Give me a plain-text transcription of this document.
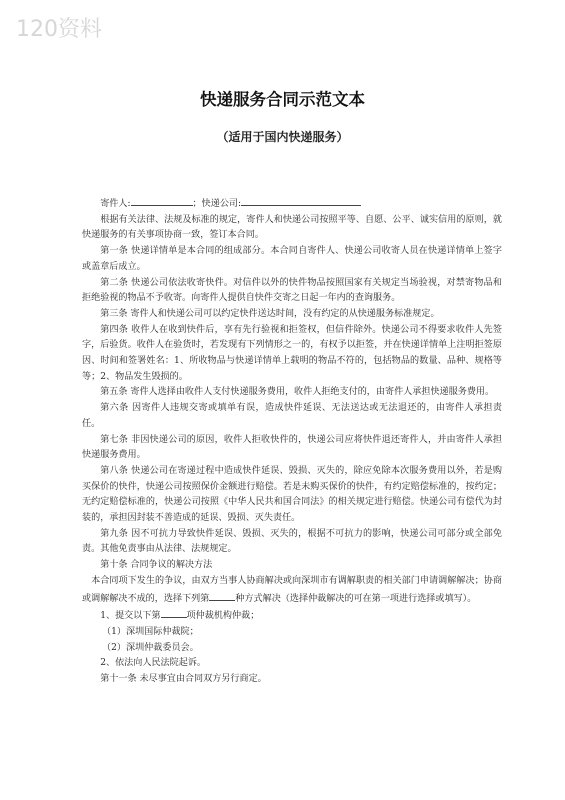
120资料
快递服务合同示范文本
（适用于国内快递服务）

寄件人:	；快递公司:

根据有关法律、法规及标准的规定，寄件人和快递公司按照平等、自愿、公平、诚实信用的原则，就快递服务的有关事项协商一致，签订本合同。

第一条 快递详情单是本合同的组成部分。本合同自寄件人、快递公司收寄人员在快递详情单上签字或盖章后成立。

第二条 快递公司依法收寄快件。对信件以外的快件物品按照国家有关规定当场验视，对禁寄物品和拒绝验视的物品不予收寄。向寄件人提供自快件交寄之日起一年内的查询服务。

第三条 寄件人和快递公司可以约定快件送达时间，没有约定的从快递服务标准规定。

第四条 收件人在收到快件后，享有先行验视和拒签权，但信件除外。快递公司不得要求收件人先签字，后验货。收件人在验货时，若发现有下列情形之一的，有权予以拒签，并在快递详情单上注明拒签原因、时间和签署姓名：1、所收物品与快递详情单上载明的物品不符的，包括物品的数量、品种、规格等等；2、物品发生毁损的。

第五条 寄件人选择由收件人支付快递服务费用，收件人拒绝支付的，由寄件人承担快递服务费用。

第六条 因寄件人违规交寄或填单有误，造成快件延误、无法送达或无法退还的，由寄件人承担责任。

第七条 非因快递公司的原因，收件人拒收快件的，快递公司应将快件退还寄件人，并由寄件人承担快递服务费用。

第八条 快递公司在寄递过程中造成快件延误、毁损、灭失的，除应免除本次服务费用以外，若是购买保价的快件，快递公司按照保价金额进行赔偿。若是未购买保价的快件，有约定赔偿标准的，按约定；无约定赔偿标准的，快递公司按照《中华人民共和国合同法》的相关规定进行赔偿。快递公司有偿代为封装的，承担因封装不善造成的延误、毁损、灭失责任。

第九条 因不可抗力导致快件延误、毁损、灭失的，根据不可抗力的影响，快递公司可部分或全部免责。其他免责事由从法律、法规规定。

第十条 合同争议的解决方法

本合同项下发生的争议，由双方当事人协商解决或向深圳市有调解职责的相关部门申请调解解决；协商或调解解决不成的，选择下列第	种方式解决（选择仲裁解决的可在第一项进行选择或填写）。

1、提交以下第	项仲裁机构仲裁；

（1）深圳国际仲裁院；

（2）深圳仲裁委员会。

2、依法向人民法院起诉。

第十一条 未尽事宜由合同双方另行商定。
